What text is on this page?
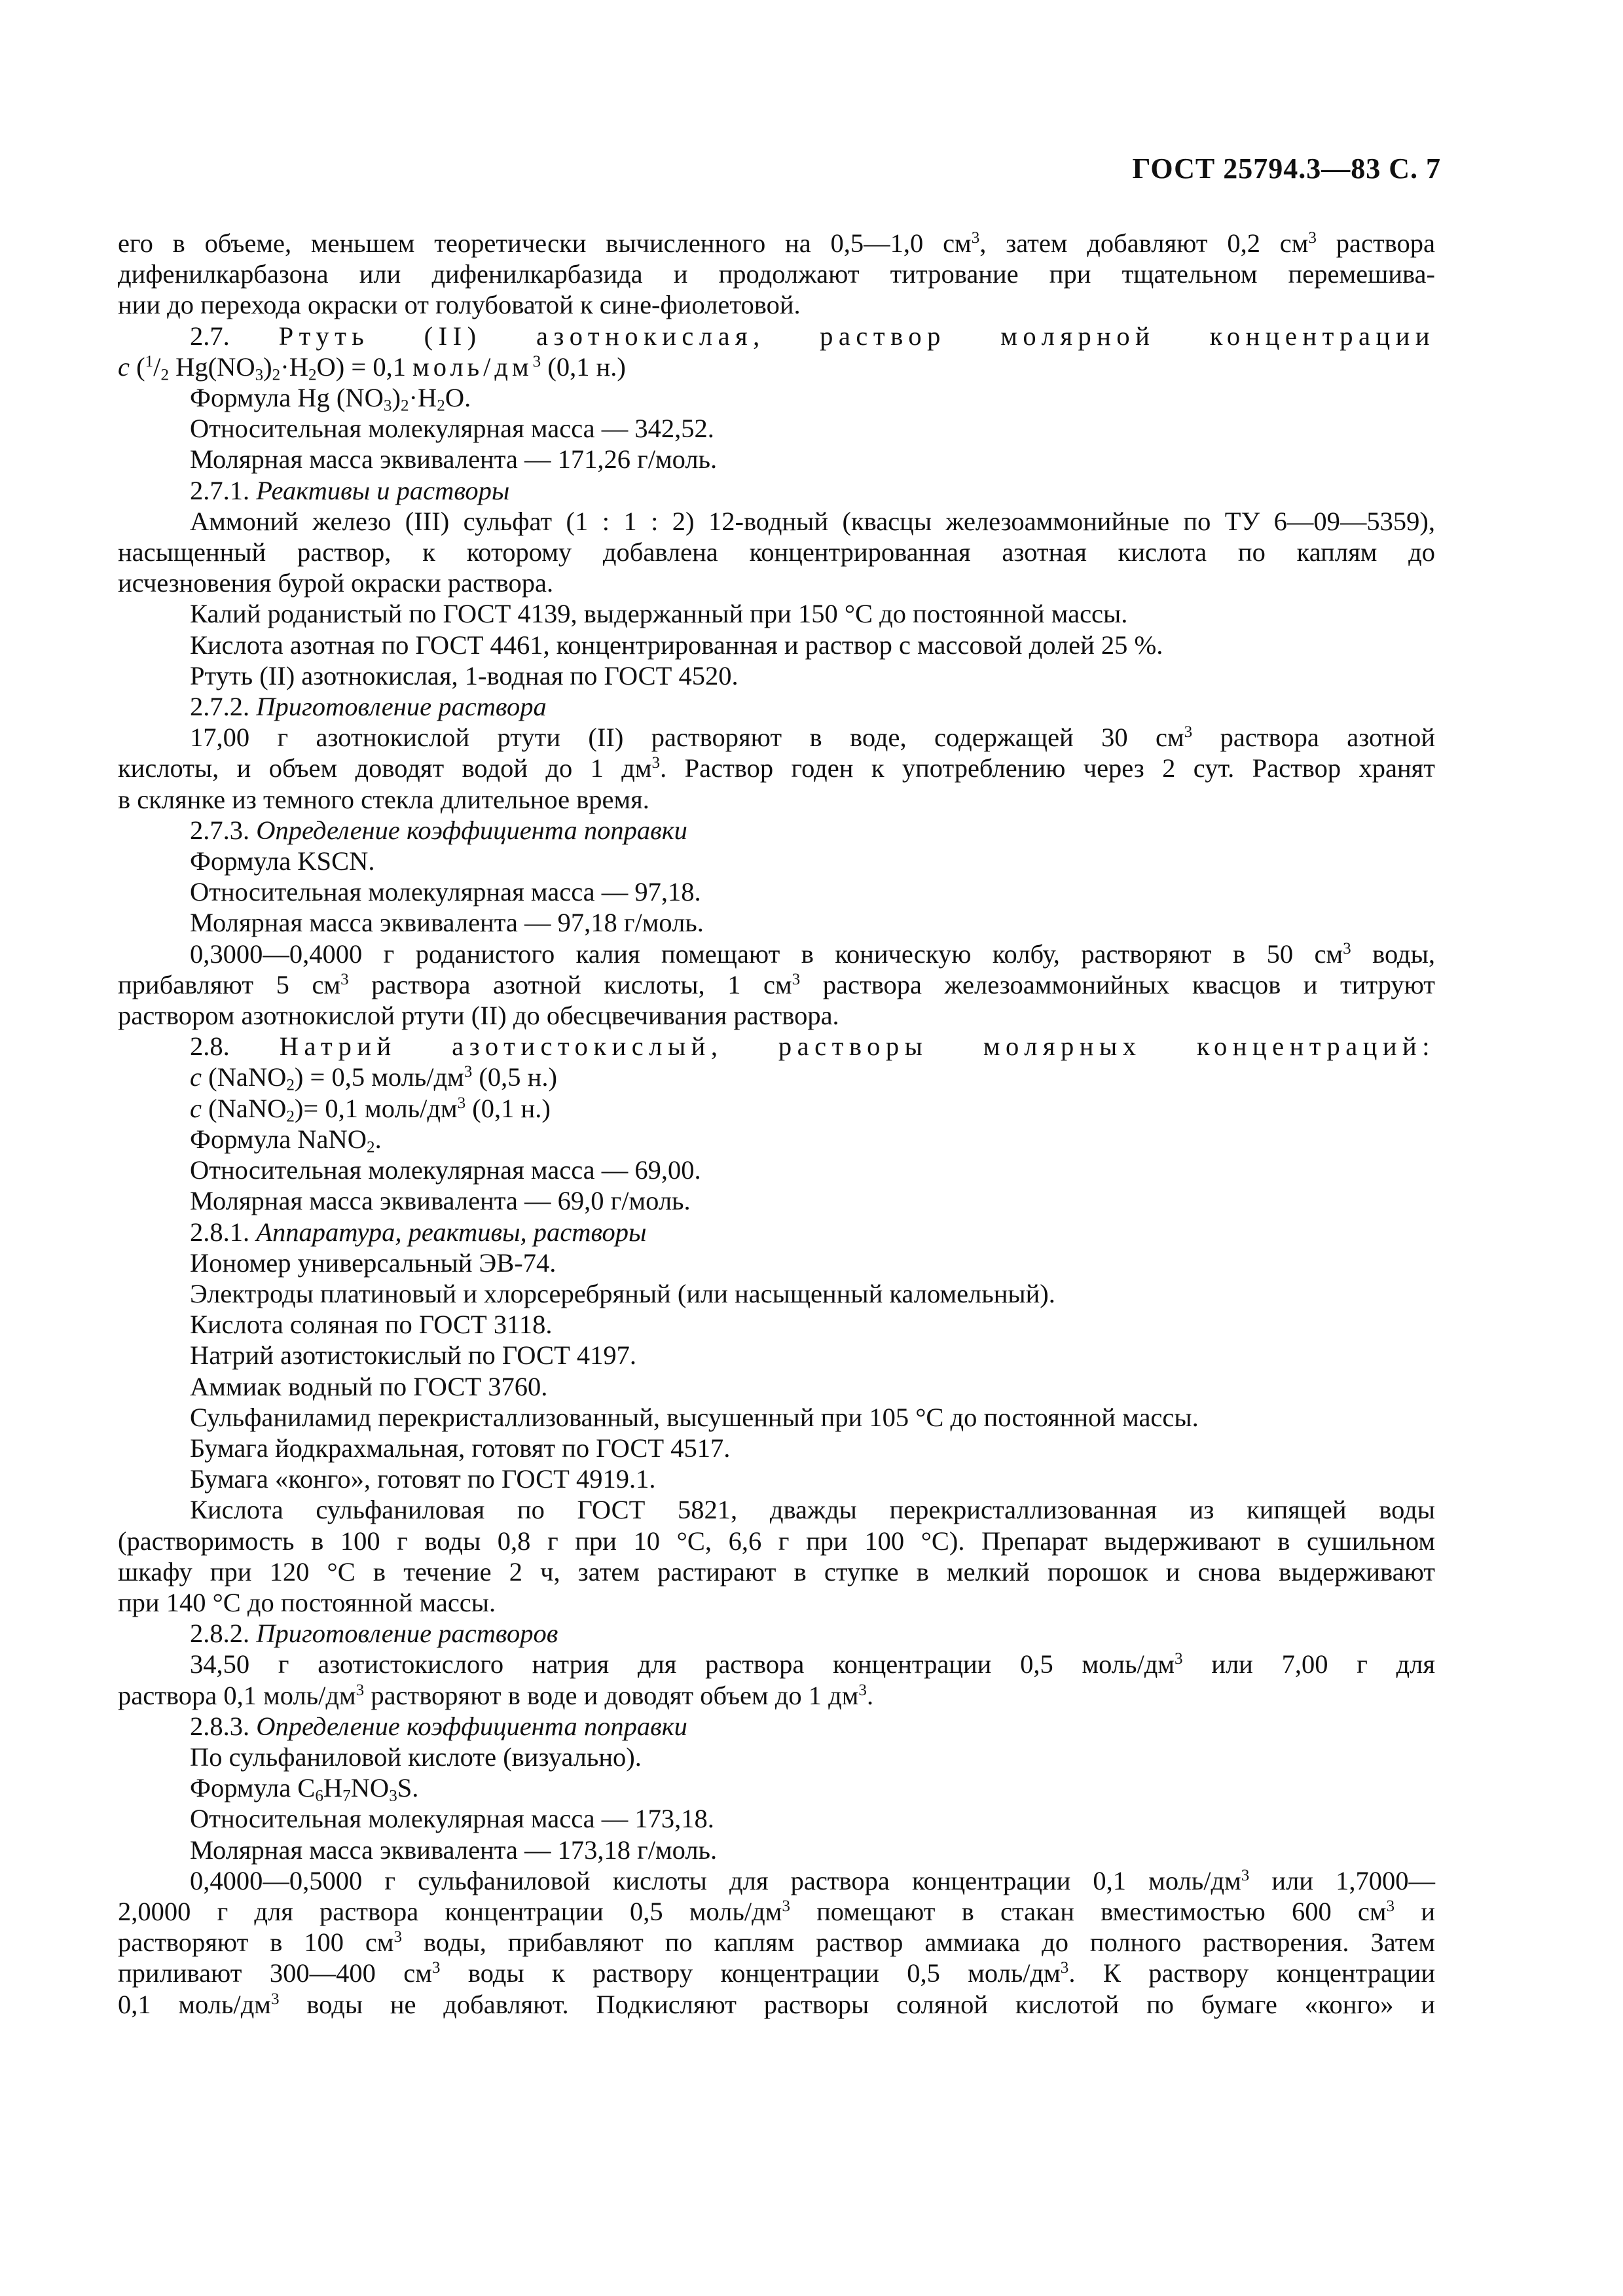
ГОСТ 25794.3—83 С. 7
его в объеме, меньшем теоретически вычисленного на 0,5—1,0 $см^3$, затем добавляют 0,2 $см^3$ раствора
дифенилкарбазона или дифенилкарбазида и продолжают титрование при тщательном перемешива-
нии до перехода окраски от голубоватой к сине-фиолетовой.
2.7. Ртуть (II) азотнокислая, раствор молярной концентрации
c ($^1/_2$ $Hg(NO_3)_2\cdot H_2O) = 0,1$ моль/$дм^3$ (0,1 н.)
Формула Hg $(NO_3)_2\cdot H_2O$.
Относительная молекулярная масса — 342,52.
Молярная масса эквивалента — 171,26 г/моль.
2.7.1. Реактивы и растворы
Аммоний железо (III) сульфат (1 : 1 : 2) 12-водный (квасцы железоаммонийные по ТУ 6—09—5359),
насыщенный раствор, к которому добавлена концентрированная азотная кислота по каплям до
исчезновения бурой окраски раствора.
Калий роданистый по ГОСТ 4139, выдержанный при 150 °С до постоянной массы.
Кислота азотная по ГОСТ 4461, концентрированная и раствор с массовой долей 25 %.
Ртуть (II) азотнокислая, 1-водная по ГОСТ 4520.
2.7.2. Приготовление раствора
17,00 г азотнокислой ртути (II) растворяют в воде, содержащей 30 $см^3$ раствора азотной
кислоты, и объем доводят водой до 1 $дм^3$. Раствор годен к употреблению через 2 сут. Раствор хранят
в склянке из темного стекла длительное время.
2.7.3. Определение коэффициента поправки
Формула KSCN.
Относительная молекулярная масса — 97,18.
Молярная масса эквивалента — 97,18 г/моль.
0,3000—0,4000 г роданистого калия помещают в коническую колбу, растворяют в 50 $см^3$ воды,
прибавляют 5 $см^3$ раствора азотной кислоты, 1 $см^3$ раствора железоаммонийных квасцов и титруют
раствором азотнокислой ртути (II) до обесцвечивания раствора.
2.8. Натрий азотистокислый, растворы молярных концентраций:
c (NaNO$_2$) = 0,5 моль/$дм^3$ (0,5 н.)
c (NaNO$_2$)= 0,1 моль/$дм^3$ (0,1 н.)
Формула NaNO$_2$.
Относительная молекулярная масса — 69,00.
Молярная масса эквивалента — 69,0 г/моль.
2.8.1. Аппаратура, реактивы, растворы
Иономер универсальный ЭВ-74.
Электроды платиновый и хлорсеребряный (или насыщенный каломельный).
Кислота соляная по ГОСТ 3118.
Натрий азотистокислый по ГОСТ 4197.
Аммиак водный по ГОСТ 3760.
Сульфаниламид перекристаллизованный, высушенный при 105 °С до постоянной массы.
Бумага йодкрахмальная, готовят по ГОСТ 4517.
Бумага «конго», готовят по ГОСТ 4919.1.
Кислота сульфаниловая по ГОСТ 5821, дважды перекристаллизованная из кипящей воды
(растворимость в 100 г воды 0,8 г при 10 °С, 6,6 г при 100 °С). Препарат выдерживают в сушильном
шкафу при 120 °С в течение 2 ч, затем растирают в ступке в мелкий порошок и снова выдерживают
при 140 °С до постоянной массы.
2.8.2. Приготовление растворов
34,50 г азотистокислого натрия для раствора концентрации 0,5 моль/$дм^3$ или 7,00 г для
раствора 0,1 моль/$дм^3$ растворяют в воде и доводят объем до 1 $дм^3$.
2.8.3. Определение коэффициента поправки
По сульфаниловой кислоте (визуально).
Формула $C_6H_7NO_3S$.
Относительная молекулярная масса — 173,18.
Молярная масса эквивалента — 173,18 г/моль.
0,4000—0,5000 г сульфаниловой кислоты для раствора концентрации 0,1 моль/$дм^3$ или 1,7000—
2,0000 г для раствора концентрации 0,5 моль/$дм^3$ помещают в стакан вместимостью 600 $см^3$ и
растворяют в 100 $см^3$ воды, прибавляют по каплям раствор аммиака до полного растворения. Затем
приливают 300—400 $см^3$ воды к раствору концентрации 0,5 моль/$дм^3$. К раствору концентрации
0,1 моль/$дм^3$ воды не добавляют. Подкисляют растворы соляной кислотой по бумаге «конго» и
